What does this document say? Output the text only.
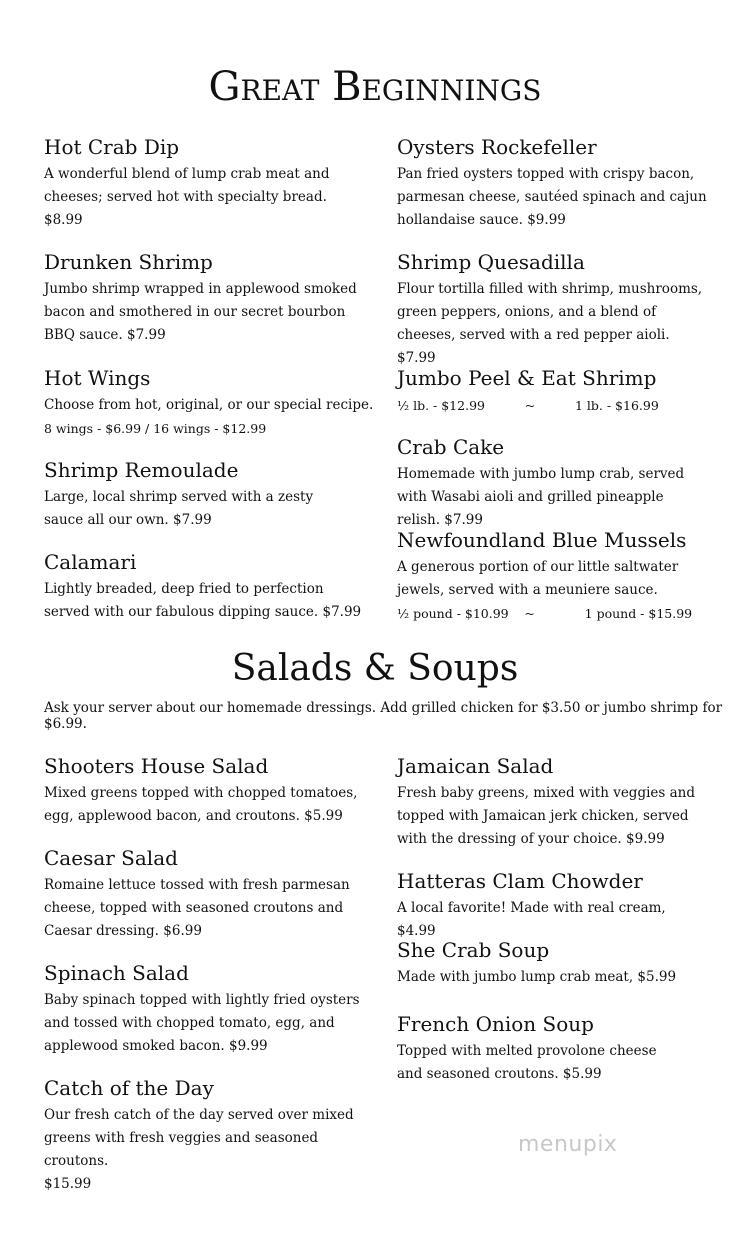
Great Beginnings
Hot Crab Dip

A wonderful blend of lump crab meat and cheeses; served hot with specialty bread.

$8.99

Drunken Shrimp

Jumbo shrimp wrapped in applewood smoked bacon and smothered in our secret bourbon BBQ sauce. $7.99

Hot Wings

Choose from hot, original, or our special recipe.

8 wings - $6.99 / 16 wings - $12.99

Shrimp Remoulade

Large, local shrimp served with a zesty sauce all our own. $7.99

Calamari

Lightly breaded, deep fried to perfection served with our fabulous dipping sauce. $7.99

Oysters Rockefeller

Pan fried oysters topped with crispy bacon, parmesan cheese, sautéed spinach and cajun hollandaise sauce. $9.99

Shrimp Quesadilla

Flour tortilla filled with shrimp, mushrooms, green peppers, onions, and a blend of cheeses, served with a red pepper aioli. $7.99

Jumbo Peel & Eat Shrimp

½ lb. - $12.99	~	1 lb. - $16.99

Crab Cake

Homemade with jumbo lump crab, served with Wasabi aioli and grilled pineapple relish. $7.99

Newfoundland Blue Mussels

A generous portion of our little saltwater jewels, served with a meuniere sauce.

½ pound - $10.99 ~	1 pound - $15.99

Salads & Soups

Ask your server about our homemade dressings. Add grilled chicken for $3.50 or jumbo shrimp for $6.99.

Shooters House Salad

Mixed greens topped with chopped tomatoes, egg, applewood bacon, and croutons. $5.99

Caesar Salad

Romaine lettuce tossed with fresh parmesan cheese, topped with seasoned croutons and Caesar dressing. $6.99

Spinach Salad

Baby spinach topped with lightly fried oysters and tossed with chopped tomato, egg, and applewood smoked bacon. $9.99

Catch of the Day

Our fresh catch of the day served over mixed greens with fresh veggies and seasoned croutons.

$15.99

Jamaican Salad

Fresh baby greens, mixed with veggies and topped with Jamaican jerk chicken, served with the dressing of your choice. $9.99

Hatteras Clam Chowder

A local favorite! Made with real cream, $4.99

She Crab Soup

Made with jumbo lump crab meat, $5.99

French Onion Soup

Topped with melted provolone cheese and seasoned croutons. $5.99

menupix
